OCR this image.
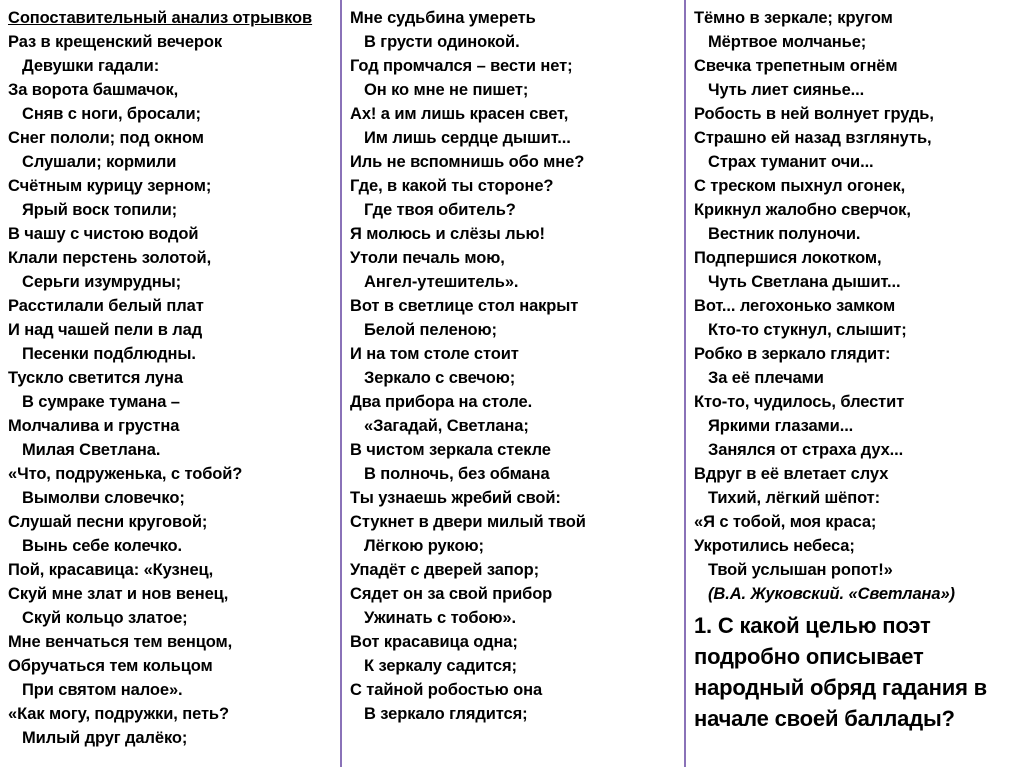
Сопоставительный анализ отрывков
Раз в крещенский вечерок
Девушки гадали:
За ворота башмачок,
Сняв с ноги, бросали;
Снег пололи; под окном
Слушали; кормили
Счётным курицу зерном;
Ярый воск топили;
В чашу с чистою водой
Клали перстень золотой,
Серьги изумрудны;
Расстилали белый плат
И над чашей пели в лад
Песенки подблюдны.
Тускло светится луна
В сумраке тумана –
Молчалива и грустна
Милая Светлана.
«Что, подруженька, с тобой?
Вымолви словечко;
Слушай песни круговой;
Вынь себе колечко.
Пой, красавица: «Кузнец,
Скуй мне злат и нов венец,
Скуй кольцо златое;
Мне венчаться тем венцом,
Обручаться тем кольцом
При святом налое».
«Как могу, подружки, петь?
Милый друг далёко;
Мне судьбина умереть
В грусти одинокой.
Год промчался – вести нет;
Он ко мне не пишет;
Ах! а им лишь красен свет,
Им лишь сердце дышит...
Иль не вспомнишь обо мне?
Где, в какой ты стороне?
Где твоя обитель?
Я молюсь и слёзы лью!
Утоли печаль мою,
Ангел-утешитель».
Вот в светлице стол накрыт
Белой пеленою;
И на том столе стоит
Зеркало с свечою;
Два прибора на столе.
«Загадай, Светлана;
В чистом зеркала стекле
В полночь, без обмана
Ты узнаешь жребий свой:
Стукнет в двери милый твой
Лёгкою рукою;
Упадёт с дверей запор;
Сядет он за свой прибор
Ужинать с тобою».
Вот красавица одна;
К зеркалу садится;
С тайной робостью она
В зеркало глядится;
Тёмно в зеркале; кругом
Мёртвое молчанье;
Свечка трепетным огнём
Чуть лиет сиянье...
Робость в ней волнует грудь,
Страшно ей назад взглянуть,
Страх туманит очи...
С треском пыхнул огонек,
Крикнул жалобно сверчок,
Вестник полуночи.
Подпершися локотком,
Чуть Светлана дышит...
Вот... легохонько замком
Кто-то стукнул, слышит;
Робко в зеркало глядит:
За её плечами
Кто-то, чудилось, блестит
Яркими глазами...
Занялся от страха дух...
Вдруг в её влетает слух
Тихий, лёгкий шёпот:
«Я с тобой, моя краса;
Укротились небеса;
Твой услышан ропот!»
(В.А. Жуковский. «Светлана»)
1. С какой целью поэт
подробно описывает
народный обряд гадания в
начале своей баллады?
